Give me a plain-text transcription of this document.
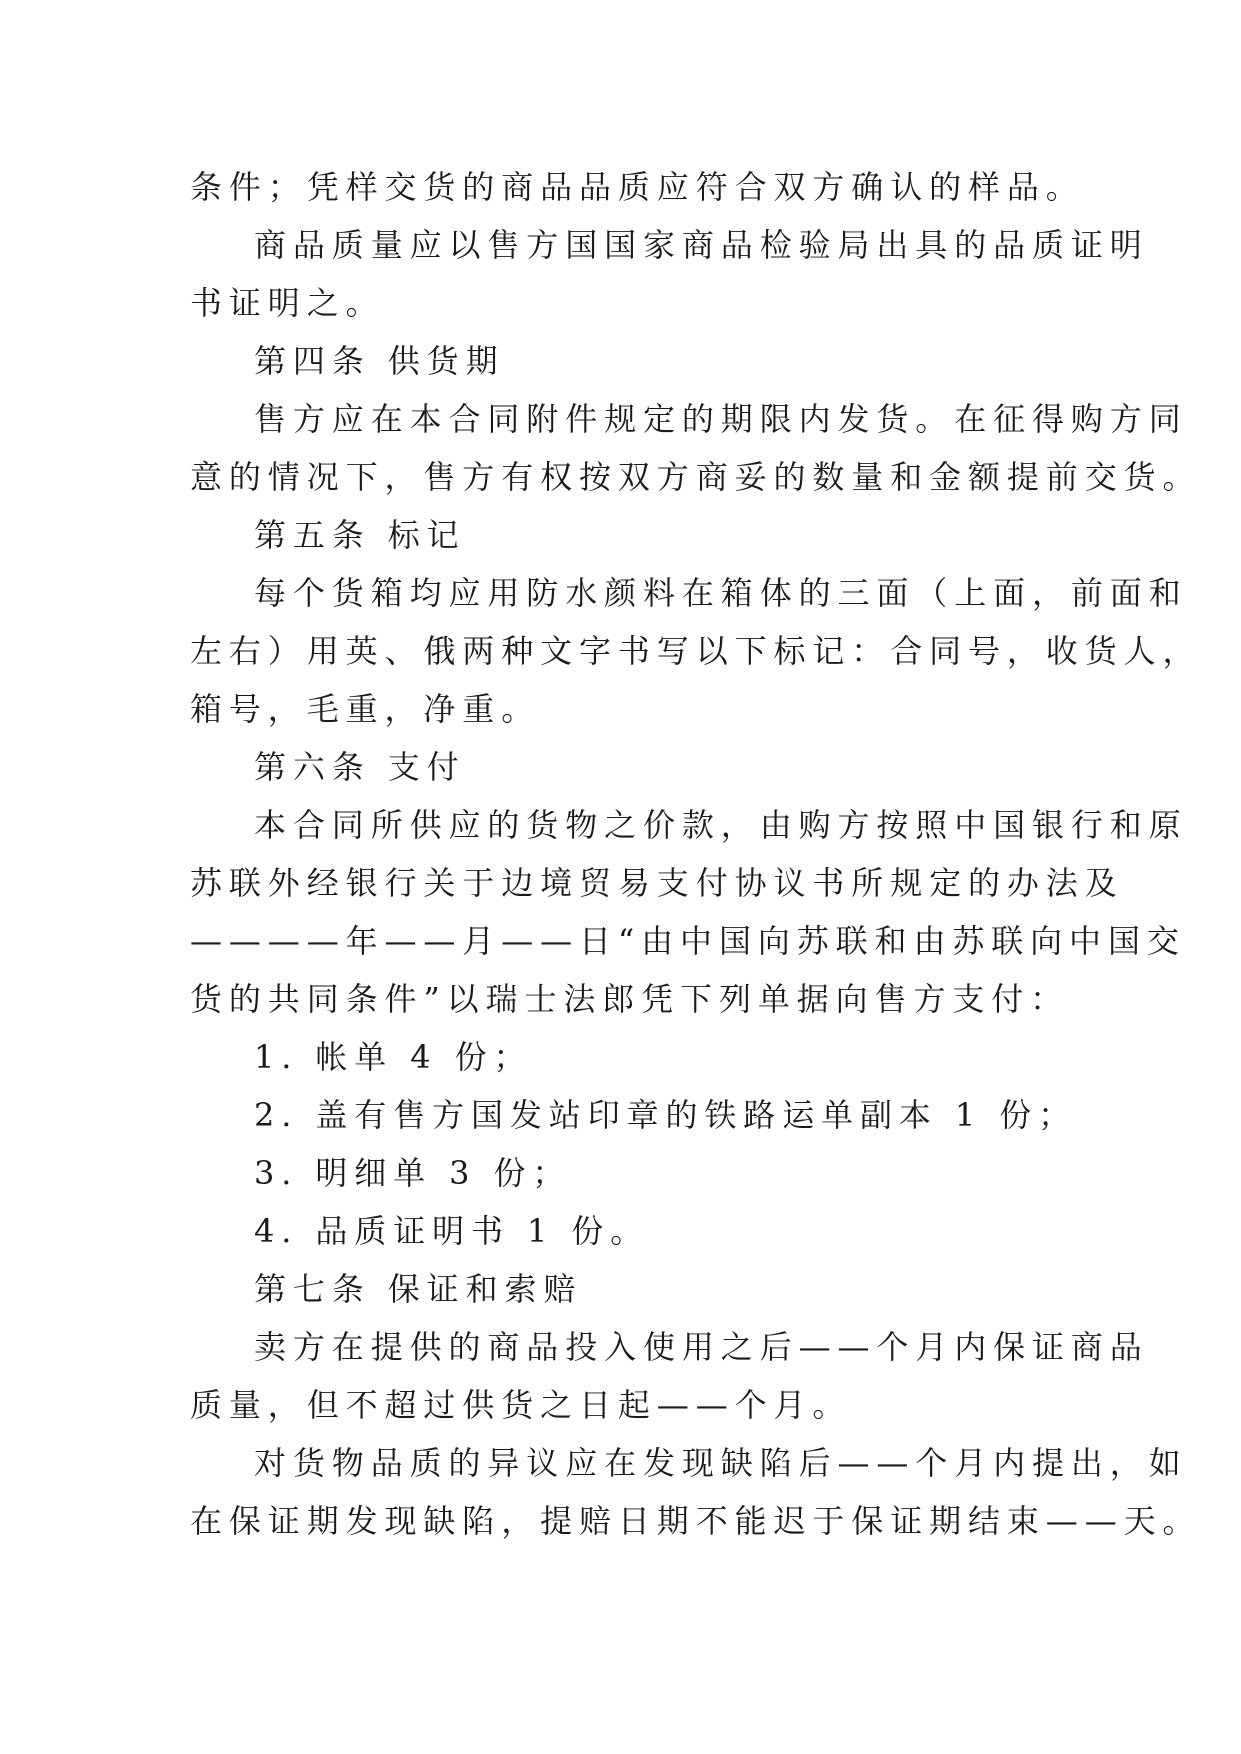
条件；凭样交货的商品品质应符合双方确认的样品。
商品质量应以售方国国家商品检验局出具的品质证明
书证明之。
第四条 供货期
售方应在本合同附件规定的期限内发货。在征得购方同
意的情况下，售方有权按双方商妥的数量和金额提前交货。
第五条 标记
每个货箱均应用防水颜料在箱体的三面（上面，前面和
左右）用英、俄两种文字书写以下标记：合同号，收货人，
箱号，毛重，净重。
第六条 支付
本合同所供应的货物之价款，由购方按照中国银行和原
苏联外经银行关于边境贸易支付协议书所规定的办法及
————年——月——日“由中国向苏联和由苏联向中国交
货的共同条件”以瑞士法郎凭下列单据向售方支付：
1. 帐单 4 份；
2. 盖有售方国发站印章的铁路运单副本 1 份；
3. 明细单 3 份；
4. 品质证明书 1 份。
第七条 保证和索赔
卖方在提供的商品投入使用之后——个月内保证商品
质量，但不超过供货之日起——个月。
对货物品质的异议应在发现缺陷后——个月内提出，如
在保证期发现缺陷，提赔日期不能迟于保证期结束——天。
